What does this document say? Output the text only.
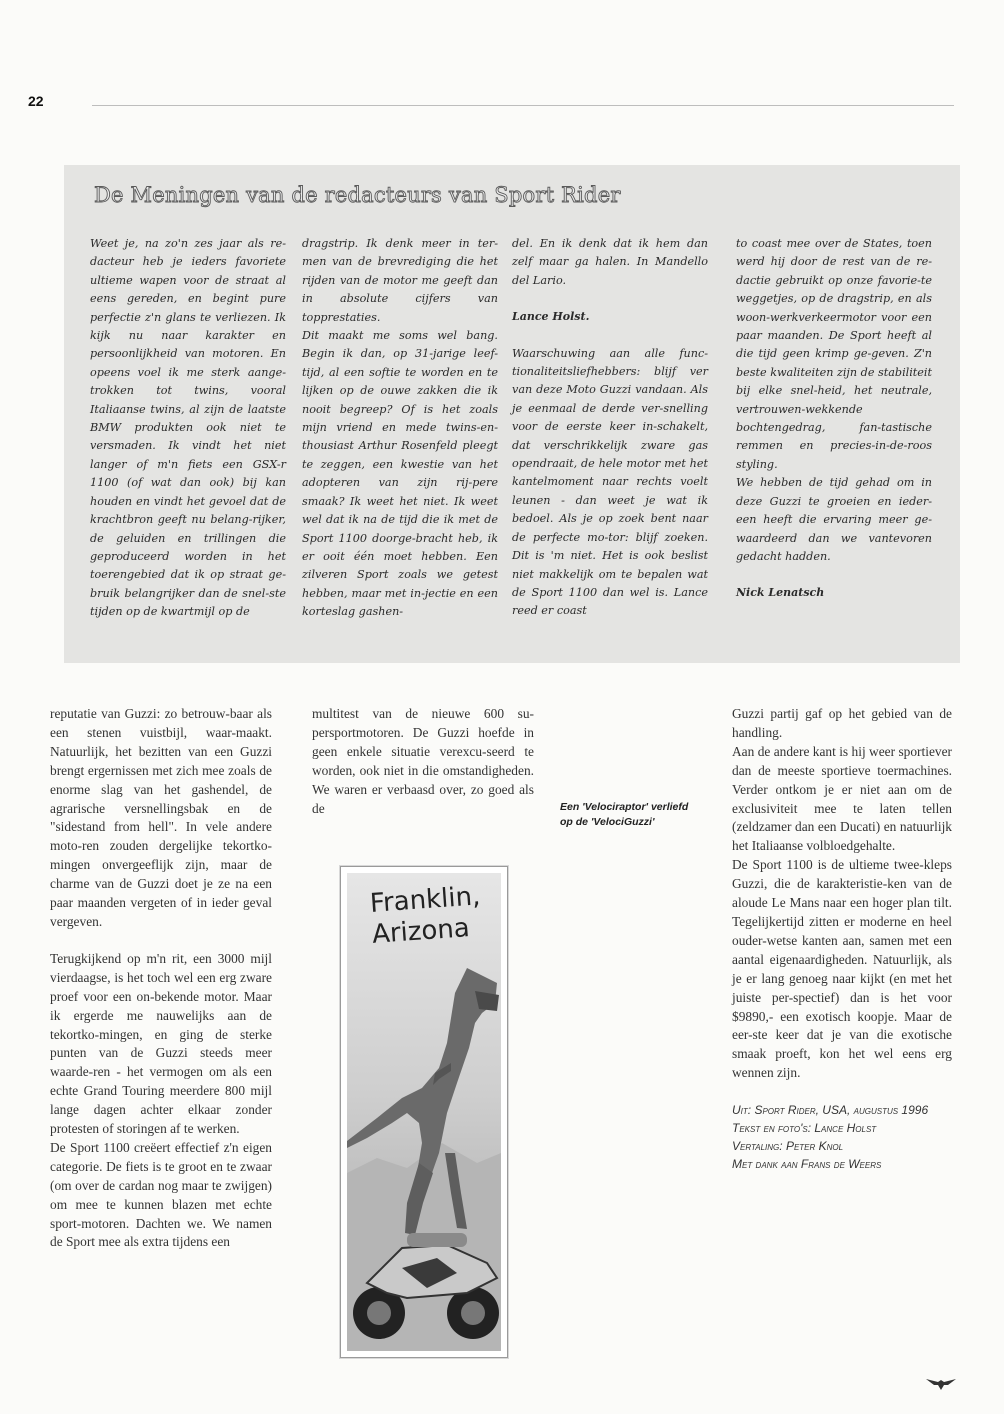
22
De Meningen van de redacteurs van Sport Rider

Weet je, na zo'n zes jaar als re-dacteur heb je ieders favoriete ultieme wapen voor de straat al eens gereden, en begint pure perfectie z'n glans te verliezen. Ik kijk nu naar karakter en persoonlijkheid van motoren. En opeens voel ik me sterk aange-trokken tot twins, vooral Italiaanse twins, al zijn de laatste BMW produkten ook niet te versmaden. Ik vindt het niet langer of m'n fiets een GSX-r 1100 (of wat dan ook) bij kan houden en vindt het gevoel dat de krachtbron geeft nu belang-rijker, de geluiden en trillingen die geproduceerd worden in het toerengebied dat ik op straat ge-bruik belangrijker dan de snel-ste tijden op de kwartmijl op de

dragstrip. Ik denk meer in ter-men van de brevrediging die het rijden van de motor me geeft dan in absolute cijfers van topprestaties.

Dit maakt me soms wel bang. Begin ik dan, op 31-jarige leef-tijd, al een softie te worden en te lijken op de ouwe zakken die ik nooit begreep? Of is het zoals mijn vriend en mede twins-en-thousiast Arthur Rosenfeld pleegt te zeggen, een kwestie van het adopteren van zijn rij-pere smaak? Ik weet het niet. Ik weet wel dat ik na de tijd die ik met de Sport 1100 doorge-bracht heb, ik er ooit één moet hebben. Een zilveren Sport zoals we getest hebben, maar met in-jectie en een korteslag gashen-

del. En ik denk dat ik hem dan zelf maar ga halen. In Mandello del Lario.

Lance Holst.

Waarschuwing aan alle func-tionaliteitsliefhebbers: blijf ver van deze Moto Guzzi vandaan. Als je eenmaal de derde ver-snelling voor de eerste keer in-schakelt, dat verschrikkelijk zware gas opendraait, de hele motor met het kantelmoment naar rechts voelt leunen - dan weet je wat ik bedoel. Als je op zoek bent naar de perfecte mo-tor: blijf zoeken. Dit is 'm niet. Het is ook beslist niet makkelijk om te bepalen wat de Sport 1100 dan wel is. Lance reed er coast

to coast mee over de States, toen werd hij door de rest van de re-dactie gebruikt op onze favorie-te weggetjes, op de dragstrip, en als woon-werkverkeermotor voor een paar maanden. De Sport heeft al die tijd geen krimp ge-geven. Z'n beste kwaliteiten zijn de stabiliteit bij elke snel-heid, het neutrale, vertrouwen-wekkende bochtengedrag, fan-tastische remmen en precies-in-de-roos styling.

We hebben de tijd gehad om in deze Guzzi te groeien en ieder-een heeft die ervaring meer ge-waardeerd dan we vantevoren gedacht hadden.

Nick Lenatsch

reputatie van Guzzi: zo betrouw-baar als een stenen vuistbijl, waar-maakt. Natuurlijk, het bezitten van een Guzzi brengt ergernissen met zich mee zoals de enorme slag van het gashendel, de agrarische versnellingsbak en de "sidestand from hell". In vele andere moto-ren zouden dergelijke tekortko-mingen onvergeeflijk zijn, maar de charme van de Guzzi doet je ze na een paar maanden vergeten of in ieder geval vergeven.

Terugkijkend op m'n rit, een 3000 mijl vierdaagse, is het toch wel een erg zware proef voor een on-bekende motor. Maar ik ergerde me nauwelijks aan de tekortko-mingen, en ging de sterke punten van de Guzzi steeds meer waarde-ren - het vermogen om als een echte Grand Touring meerdere 800 mijl lange dagen achter elkaar zonder protesten of storingen af te werken.

De Sport 1100 creëert effectief z'n eigen categorie. De fiets is te groot en te zwaar (om over de cardan nog maar te zwijgen) om mee te kunnen blazen met echte sport-motoren. Dachten we. We namen de Sport mee als extra tijdens een

multitest van de nieuwe 600 su-persportmotoren. De Guzzi hoefde in geen enkele situatie verexcu-seerd te worden, ook niet in die omstandigheden. We waren er verbaasd over, zo goed als de	Een 'Velociraptor' verliefd
op de 'VelociGuzzi'
Franklin,
Arizona

Guzzi partij gaf op het gebied van de handling.

Aan de andere kant is hij weer sportiever dan de meeste sportieve toermachines. Verder ontkom je er niet aan om de exclusiviteit mee te laten tellen (zeldzamer dan een Ducati) en natuurlijk het Italiaanse volbloedgehalte.

De Sport 1100 is de ultieme twee-kleps Guzzi, die de karakteristie-ken van de aloude Le Mans naar een hoger plan tilt. Tegelijkertijd zitten er moderne en heel ouder-wetse kanten aan, samen met een aantal eigenaardigheden. Natuurlijk, als je er lang genoeg naar kijkt (en met het juiste per-spectief) dan is het voor $9890,- een exotisch koopje. Maar de eer-ste keer dat je van die exotische smaak proeft, kon het wel eens erg wennen zijn.

Uit: Sport Rider, USA, augustus 1996
Tekst en foto's: Lance Holst
Vertaling: Peter Knol
Met dank aan Frans de Weers
